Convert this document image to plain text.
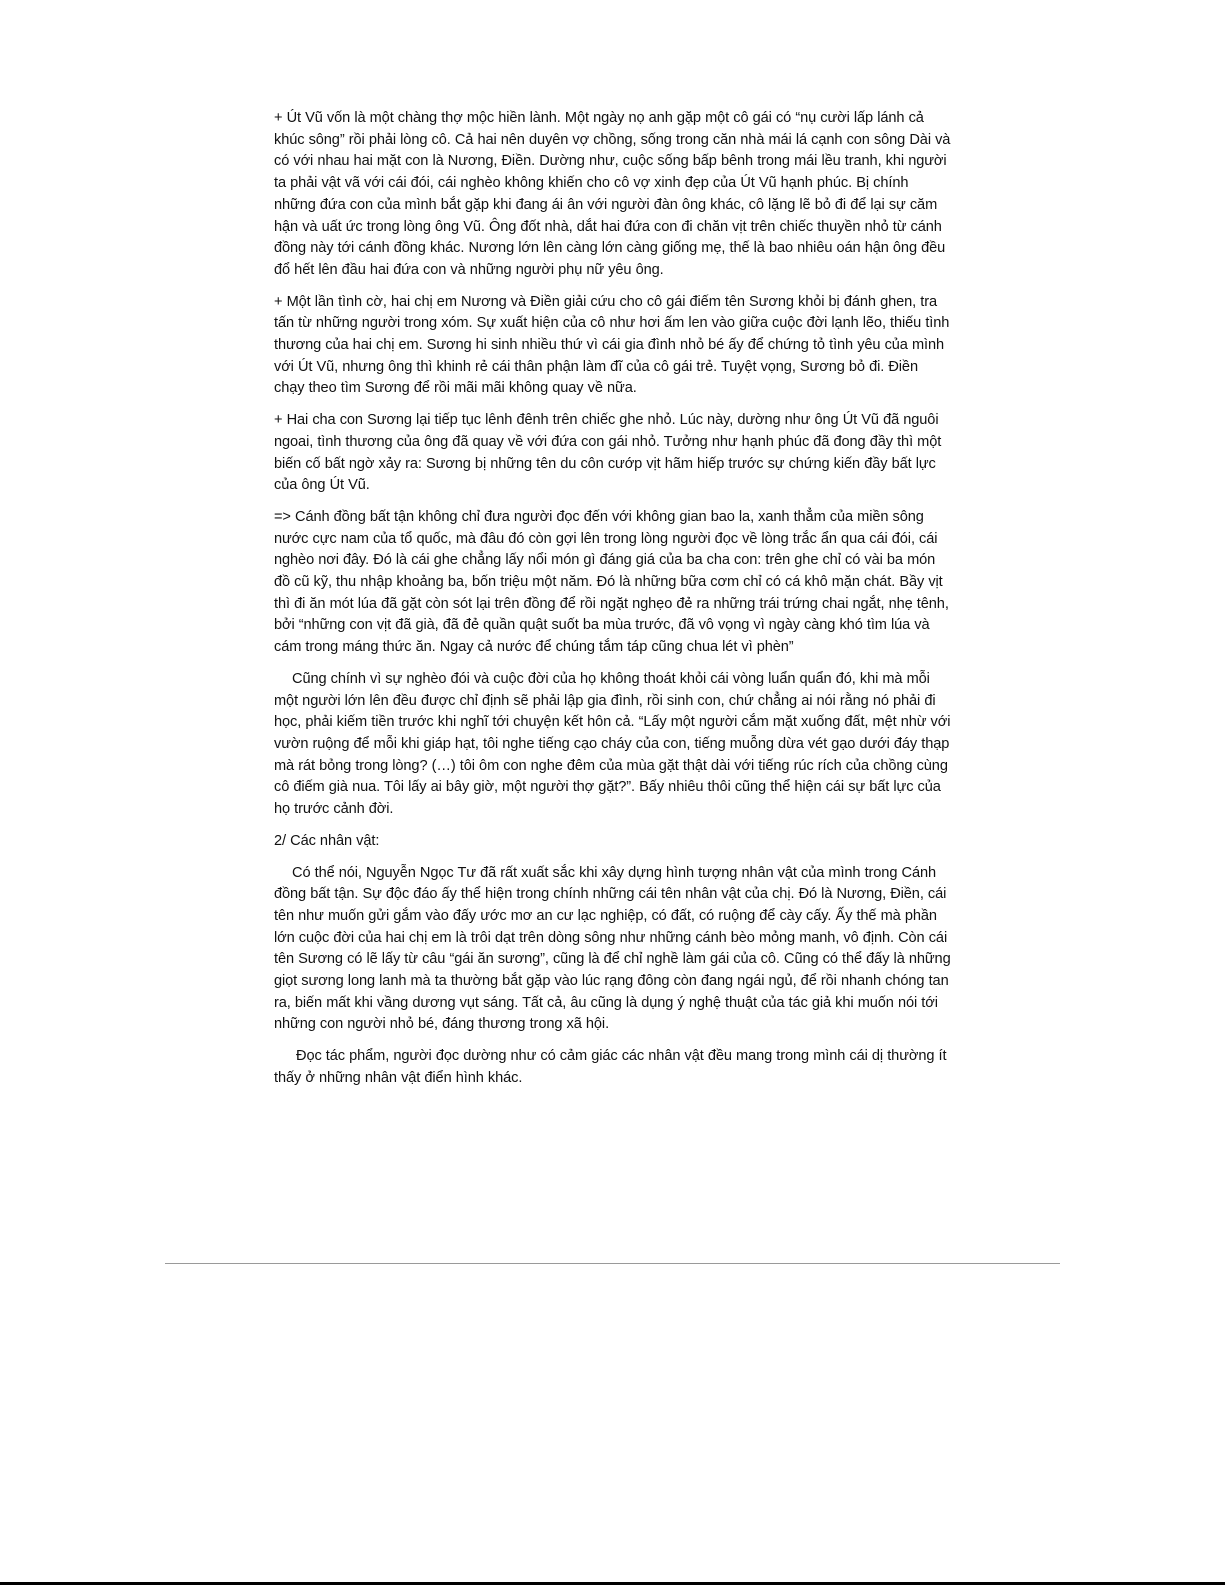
+ Út Vũ vốn là một chàng thợ mộc hiền lành. Một ngày nọ anh gặp một cô gái có “nụ cười lấp lánh cả khúc sông” rồi phải lòng cô. Cả hai nên duyên vợ chồng, sống trong căn nhà mái lá cạnh con sông Dài và có với nhau hai mặt con là Nương, Điền. Dường như, cuộc sống bấp bênh trong mái lều tranh, khi người ta phải vật vã với cái đói, cái nghèo không khiến cho cô vợ xinh đẹp của Út Vũ hạnh phúc. Bị chính những đứa con của mình bắt gặp khi đang ái ân với người đàn ông khác, cô lặng lẽ bỏ đi để lại sự căm hận và uất ức trong lòng ông Vũ. Ông đốt nhà, dắt hai đứa con đi chăn vịt trên chiếc thuyền nhỏ từ cánh đồng này tới cánh đồng khác. Nương lớn lên càng lớn càng giống mẹ, thế là bao nhiêu oán hận ông đều đổ hết lên đầu hai đứa con và những người phụ nữ yêu ông.

+ Một lần tình cờ, hai chị em Nương và Điền giải cứu cho cô gái điếm tên Sương khỏi bị đánh ghen, tra tấn từ những người trong xóm. Sự xuất hiện của cô như hơi ấm len vào giữa cuộc đời lạnh lẽo, thiếu tình thương của hai chị em. Sương hi sinh nhiều thứ vì cái gia đình nhỏ bé ấy để chứng tỏ tình yêu của mình với Út Vũ, nhưng ông thì khinh rẻ cái thân phận làm đĩ của cô gái trẻ. Tuyệt vọng, Sương bỏ đi. Điền chạy theo tìm Sương để rồi mãi mãi không quay về nữa.

+ Hai cha con Sương lại tiếp tục lênh đênh trên chiếc ghe nhỏ. Lúc này, dường như ông Út Vũ đã nguôi ngoai, tình thương của ông đã quay về với đứa con gái nhỏ. Tưởng như hạnh phúc đã đong đầy thì một biến cố bất ngờ xảy ra: Sương bị những tên du côn cướp vịt hãm hiếp trước sự chứng kiến đầy bất lực của ông Út Vũ.

=> Cánh đồng bất tận không chỉ đưa người đọc đến với không gian bao la, xanh thẳm của miền sông nước cực nam của tổ quốc, mà đâu đó còn gợi lên trong lòng người đọc về lòng trắc ẩn qua cái đói, cái nghèo nơi đây. Đó là cái ghe chẳng lấy nổi món gì đáng giá của ba cha con: trên ghe chỉ có vài ba món đồ cũ kỹ, thu nhập khoảng ba, bốn triệu một năm. Đó là những bữa cơm chỉ có cá khô mặn chát. Bầy vịt thì đi ăn mót lúa đã gặt còn sót lại trên đồng để rồi ngặt nghẹo đẻ ra những trái trứng chai ngắt, nhẹ tênh, bởi “những con vịt đã già, đã đẻ quần quật suốt ba mùa trước, đã vô vọng vì ngày càng khó tìm lúa và cám trong máng thức ăn. Ngay cả nước để chúng tắm táp cũng chua lét vì phèn”

Cũng chính vì sự nghèo đói và cuộc đời của họ không thoát khỏi cái vòng luẩn quẩn đó, khi mà mỗi một người lớn lên đều được chỉ định sẽ phải lập gia đình, rồi sinh con, chứ chẳng ai nói rằng nó phải đi học, phải kiếm tiền trước khi nghĩ tới chuyện kết hôn cả. “Lấy một người cắm mặt xuống đất, mệt nhừ với vườn ruộng để mỗi khi giáp hạt, tôi nghe tiếng cạo cháy của con, tiếng muỗng dừa vét gạo dưới đáy thạp mà rát bỏng trong lòng? (…) tôi ôm con nghe đêm của mùa gặt thật dài với tiếng rúc rích của chồng cùng cô điếm già nua. Tôi lấy ai bây giờ, một người thợ gặt?”. Bấy nhiêu thôi cũng thể hiện cái sự bất lực của họ trước cảnh đời.

2/ Các nhân vật:

Có thể nói, Nguyễn Ngọc Tư đã rất xuất sắc khi xây dựng hình tượng nhân vật của mình trong Cánh đồng bất tận. Sự độc đáo ấy thể hiện trong chính những cái tên nhân vật của chị. Đó là Nương, Điền, cái tên như muốn gửi gắm vào đấy ước mơ an cư lạc nghiệp, có đất, có ruộng để cày cấy. Ấy thế mà phần lớn cuộc đời của hai chị em là trôi dạt trên dòng sông như những cánh bèo mỏng manh, vô định. Còn cái tên Sương có lẽ lấy từ câu “gái ăn sương”, cũng là để chỉ nghề làm gái của cô. Cũng có thể đấy là những giọt sương long lanh mà ta thường bắt gặp vào lúc rạng đông còn đang ngái ngủ, để rồi nhanh chóng tan ra, biến mất khi vầng dương vụt sáng. Tất cả, âu cũng là dụng ý nghệ thuật của tác giả khi muốn nói tới những con người nhỏ bé, đáng thương trong xã hội.

Đọc tác phẩm, người đọc dường như có cảm giác các nhân vật đều mang trong mình cái dị thường ít thấy ở những nhân vật điển hình khác.
